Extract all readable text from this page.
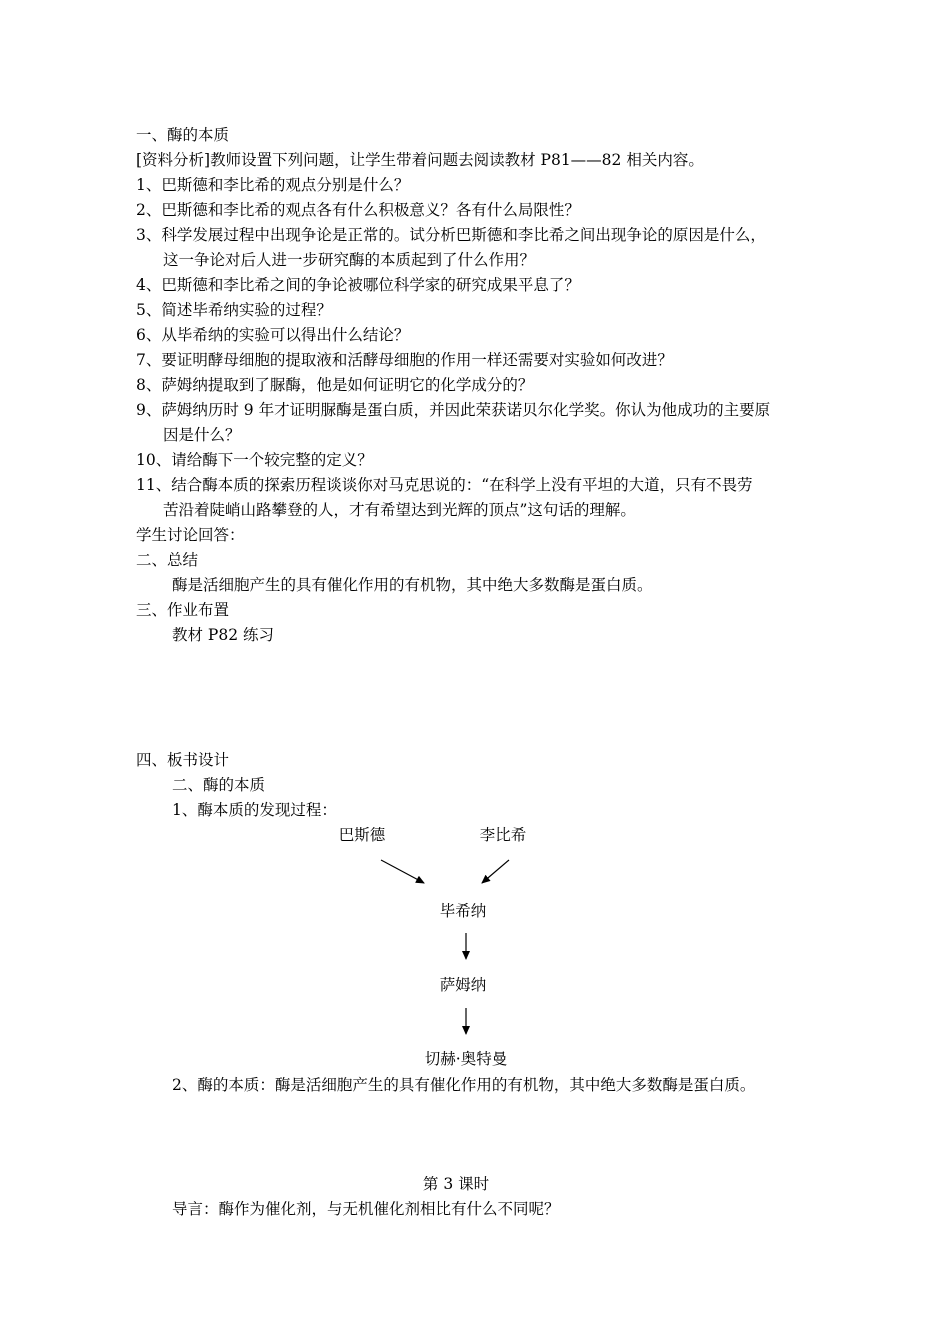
一、酶的本质
[资料分析]教师设置下列问题，让学生带着问题去阅读教材 P81——82 相关内容。
1、巴斯德和李比希的观点分别是什么？
2、巴斯德和李比希的观点各有什么积极意义？各有什么局限性？
3、科学发展过程中出现争论是正常的。试分析巴斯德和李比希之间出现争论的原因是什么，
这一争论对后人进一步研究酶的本质起到了什么作用？
4、巴斯德和李比希之间的争论被哪位科学家的研究成果平息了？
5、简述毕希纳实验的过程？
6、从毕希纳的实验可以得出什么结论？
7、要证明酵母细胞的提取液和活酵母细胞的作用一样还需要对实验如何改进？
8、萨姆纳提取到了脲酶，他是如何证明它的化学成分的？
9、萨姆纳历时 9 年才证明脲酶是蛋白质，并因此荣获诺贝尔化学奖。你认为他成功的主要原
因是什么？
10、请给酶下一个较完整的定义？
11、结合酶本质的探索历程谈谈你对马克思说的：“在科学上没有平坦的大道，只有不畏劳
苦沿着陡峭山路攀登的人，才有希望达到光辉的顶点”这句话的理解。
学生讨论回答：
二、总结
酶是活细胞产生的具有催化作用的有机物，其中绝大多数酶是蛋白质。
三、作业布置
教材 P82 练习
四、板书设计
二、酶的本质
1、酶本质的发现过程：
巴斯德	李比希
毕希纳
萨姆纳
切赫·奥特曼
2、酶的本质：酶是活细胞产生的具有催化作用的有机物，其中绝大多数酶是蛋白质。
第 3 课时
导言：酶作为催化剂，与无机催化剂相比有什么不同呢？
